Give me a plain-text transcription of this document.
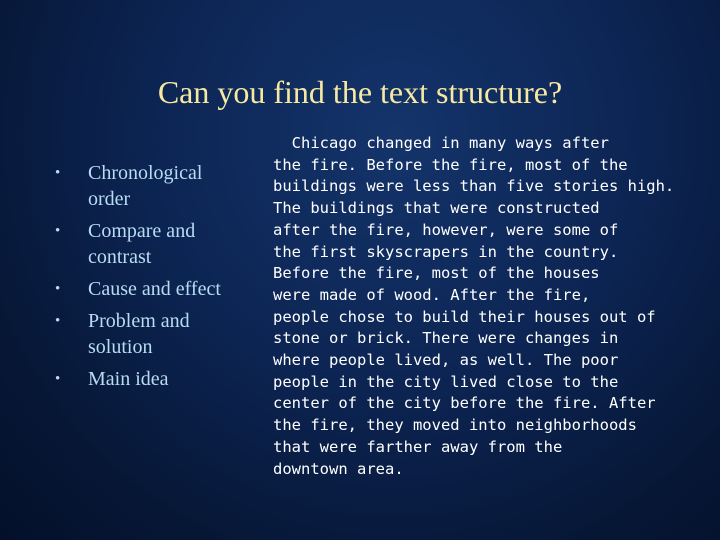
Can you find the text structure?
• Chronological order
• Compare and contrast
• Cause and effect
• Problem and solution
• Main idea

Chicago changed in many ways after
the fire. Before the fire, most of the
buildings were less than five stories high.
The buildings that were constructed
after the fire, however, were some of
the first skyscrapers in the country.
Before the fire, most of the houses
were made of wood. After the fire,
people chose to build their houses out of
stone or brick. There were changes in
where people lived, as well. The poor
people in the city lived close to the
center of the city before the fire. After
the fire, they moved into neighborhoods
that were farther away from the
downtown area.
